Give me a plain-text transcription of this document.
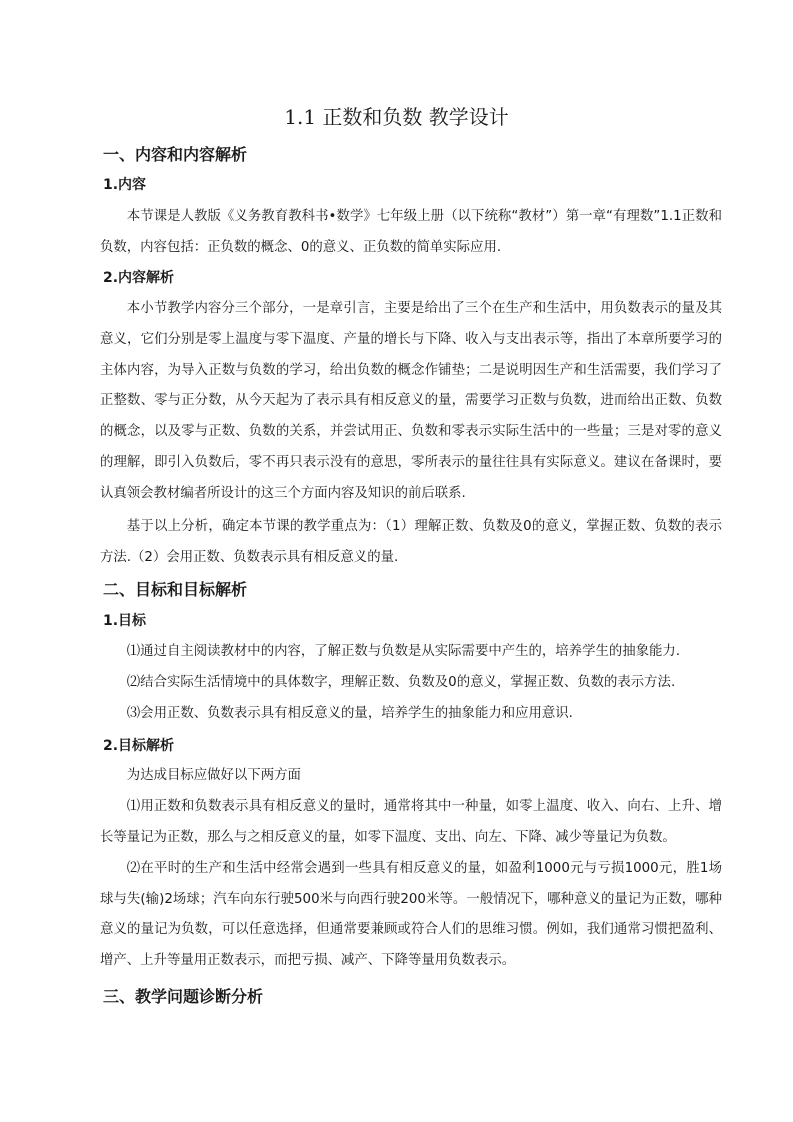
1.1 正数和负数 教学设计
一、内容和内容解析
1.内容
本节课是人教版《义务教育教科书•数学》七年级上册（以下统称“教材”）第一章“有理数”1.1正数和负数，内容包括：正负数的概念、0的意义、正负数的简单实际应用.
2.内容解析
本小节教学内容分三个部分，一是章引言，主要是给出了三个在生产和生活中，用负数表示的量及其意义，它们分别是零上温度与零下温度、产量的增长与下降、收入与支出表示等，指出了本章所要学习的主体内容，为导入正数与负数的学习，给出负数的概念作铺垫；二是说明因生产和生活需要，我们学习了正整数、零与正分数，从今天起为了表示具有相反意义的量，需要学习正数与负数，进而给出正数、负数的概念，以及零与正数、负数的关系，并尝试用正、负数和零表示实际生活中的一些量；三是对零的意义的理解，即引入负数后，零不再只表示没有的意思，零所表示的量往往具有实际意义。建议在备课时，要认真领会教材编者所设计的这三个方面内容及知识的前后联系.
基于以上分析，确定本节课的教学重点为：（1）理解正数、负数及0的意义，掌握正数、负数的表示方法.（2）会用正数、负数表示具有相反意义的量.
二、目标和目标解析
1.目标
⑴通过自主阅读教材中的内容，了解正数与负数是从实际需要中产生的，培养学生的抽象能力.
⑵结合实际生活情境中的具体数字，理解正数、负数及0的意义，掌握正数、负数的表示方法.
⑶会用正数、负数表示具有相反意义的量，培养学生的抽象能力和应用意识.
2.目标解析
为达成目标应做好以下两方面
⑴用正数和负数表示具有相反意义的量时，通常将其中一种量，如零上温度、收入、向右、上升、增长等量记为正数，那么与之相反意义的量，如零下温度、支出、向左、下降、减少等量记为负数。
⑵在平时的生产和生活中经常会遇到一些具有相反意义的量，如盈利1000元与亏损1000元，胜1场球与失(输)2场球；汽车向东行驶500米与向西行驶200米等。一般情况下，哪种意义的量记为正数，哪种意义的量记为负数，可以任意选择，但通常要兼顾或符合人们的思维习惯。例如，我们通常习惯把盈利、增产、上升等量用正数表示，而把亏损、减产、下降等量用负数表示。
三、教学问题诊断分析
